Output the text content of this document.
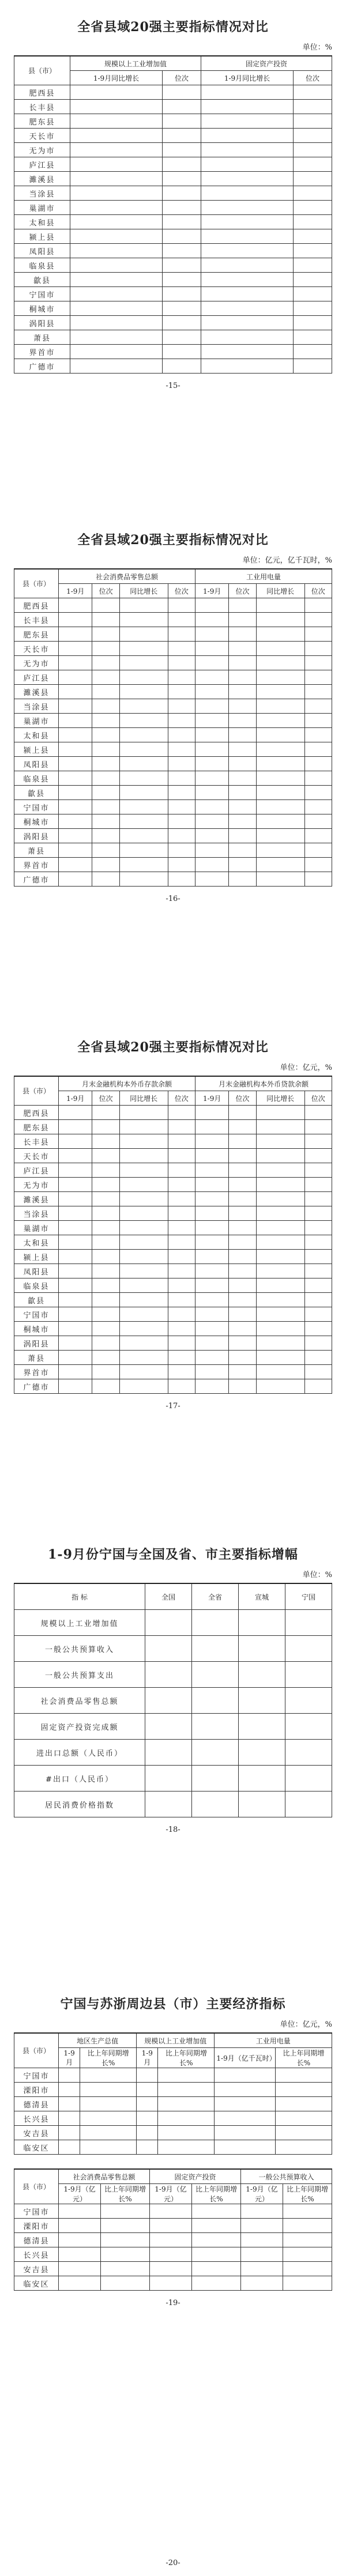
全省县域20强主要指标情况对比
单位：%
县（市）	规模以上工业增加值		固定资产投资	
	1-9月同比增长	位次	1-9月同比增长	位次
肥西县				
长丰县				
肥东县				
天长市				
无为市				
庐江县				
濉溪县				
当涂县				
巢湖市				
太和县				
颍上县				
凤阳县				
临泉县				
歙县				
宁国市				
桐城市				
涡阳县				
萧县				
界首市				
广德市				
-15-
全省县域20强主要指标情况对比
单位：亿元，亿千瓦时，%
县（市）	社会消费品零售总额				工业用电量			
	1-9月	位次	同比增长	位次	1-9月	位次	同比增长	位次
肥西县								
长丰县								
肥东县								
天长市								
无为市								
庐江县								
濉溪县								
当涂县								
巢湖市								
太和县								
颍上县								
凤阳县								
临泉县								
歙县								
宁国市								
桐城市								
涡阳县								
萧县								
界首市								
广德市								
-16-
全省县域20强主要指标情况对比
单位：亿元，%
县（市）	月末金融机构本外币存款余额				月末金融机构本外币贷款余额			
	1-9月	位次	同比增长	位次	1-9月	位次	同比增长	位次
肥西县								
肥东县								
长丰县								
天长市								
庐江县								
无为市								
濉溪县								
当涂县								
巢湖市								
太和县								
颍上县								
凤阳县								
临泉县								
歙县								
宁国市								
桐城市								
涡阳县								
萧县								
界首市								
广德市								
-17-
1-9月份宁国与全国及省、市主要指标增幅
单位：%
指 标	全国	全省	宣城	宁国
规模以上工业增加值				
一般公共预算收入				
一般公共预算支出				
社会消费品零售总额				
固定资产投资完成额				
进出口总额（人民币）				
#出口（人民币）				
居民消费价格指数				
-18-
宁国与苏浙周边县（市）主要经济指标
单位：亿元，%
县（市）	地区生产总值		规模以上工业增加值		工业用电量	
	1-9月	比上年同期增长%	1-9月	比上年同期增长%	1-9月（亿千瓦时）	比上年同期增长%
宁国市						
溧阳市						
德清县						
长兴县						
安吉县						
临安区						
县（市）	社会消费品零售总额		固定资产投资		一般公共预算收入	
	1-9月（亿元）	比上年同期增长%	1-9月（亿元）	比上年同期增长%	1-9月（亿元）	比上年同期增长%
宁国市						
溧阳市						
德清县						
长兴县						
安吉县						
临安区						
-19-
-20-
